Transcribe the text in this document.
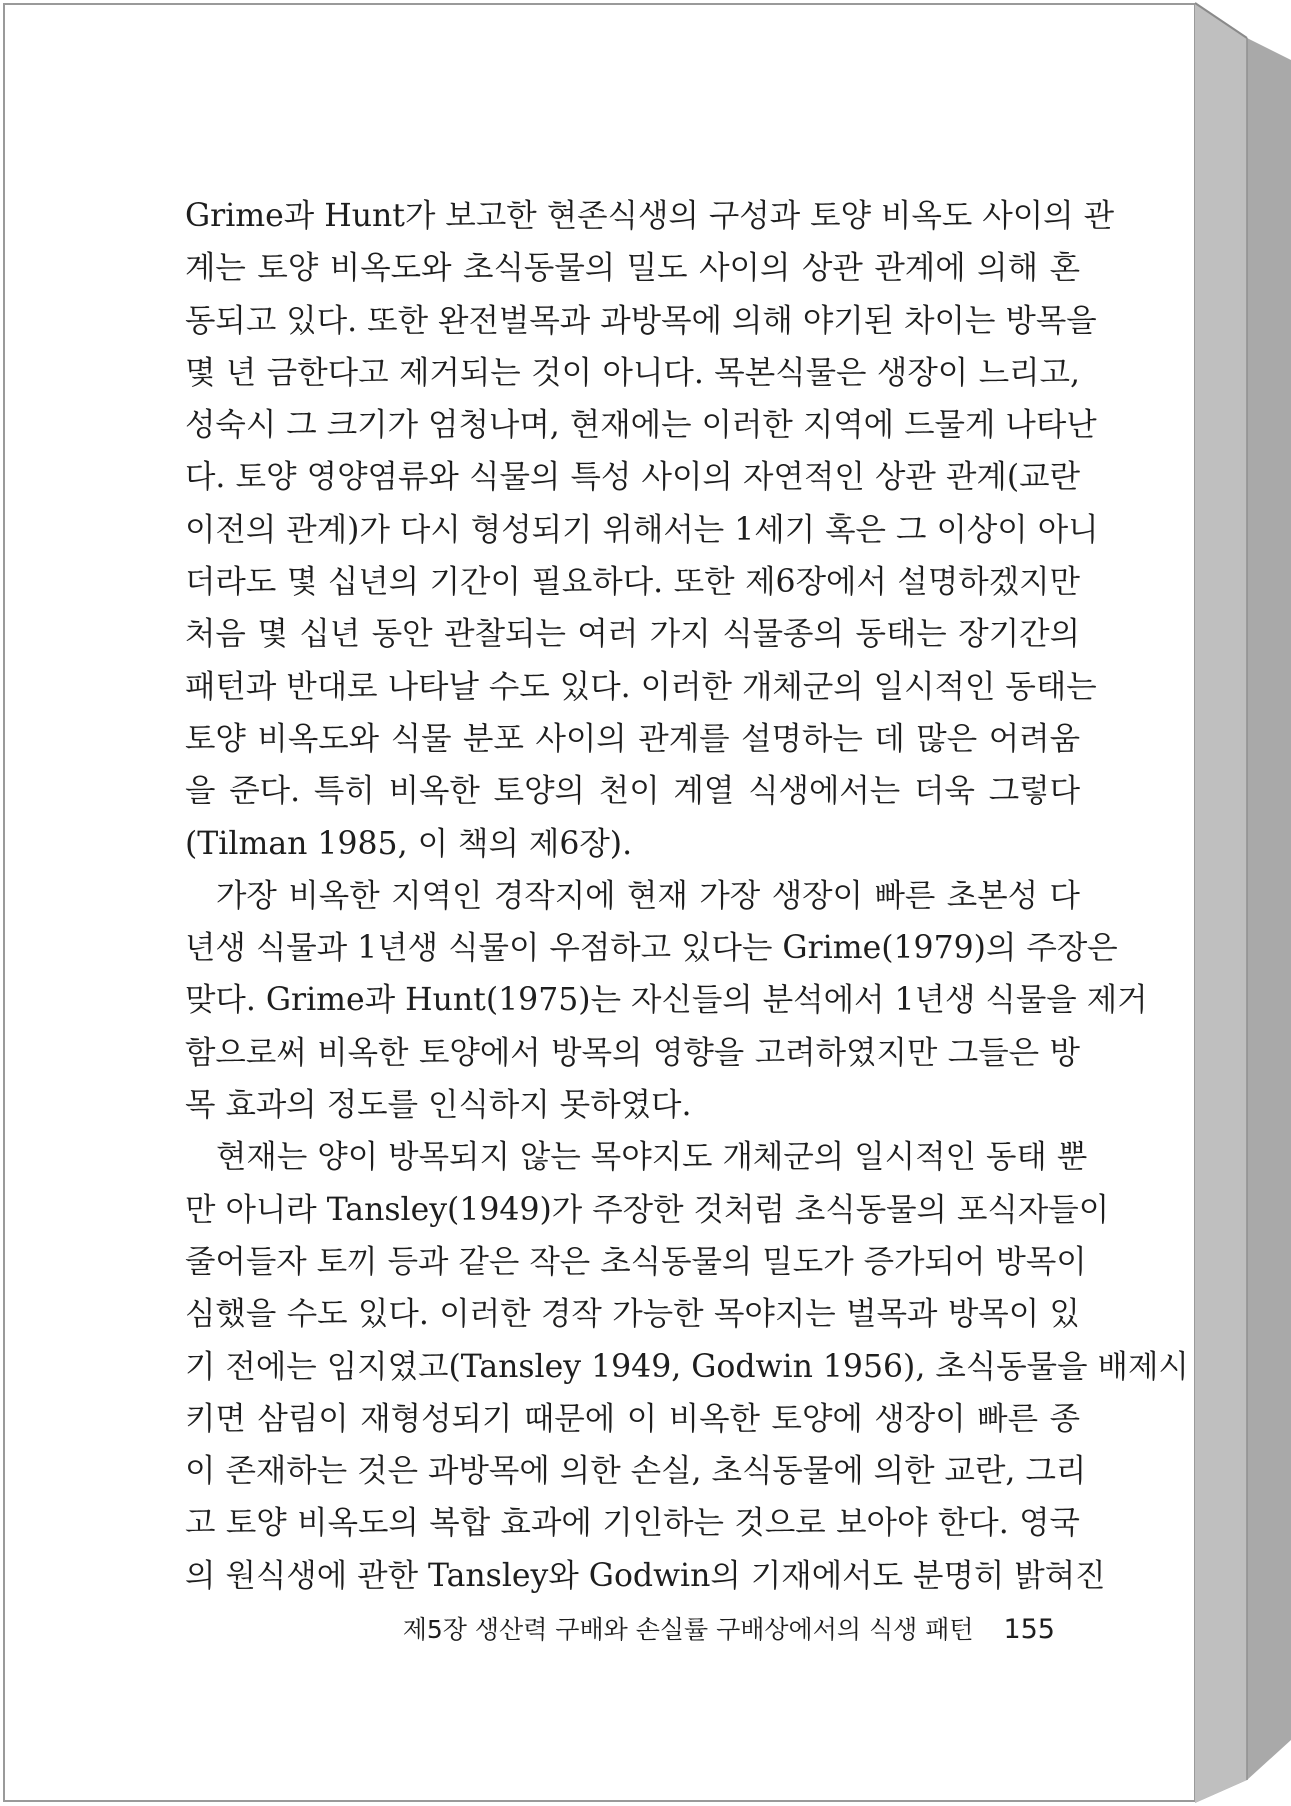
Grime과 Hunt가 보고한 현존식생의 구성과 토양 비옥도 사이의 관
계는 토양 비옥도와 초식동물의 밀도 사이의 상관 관계에 의해 혼
동되고 있다. 또한 완전벌목과 과방목에 의해 야기된 차이는 방목을
몇 년 금한다고 제거되는 것이 아니다. 목본식물은 생장이 느리고,
성숙시 그 크기가 엄청나며, 현재에는 이러한 지역에 드물게 나타난
다. 토양 영양염류와 식물의 특성 사이의 자연적인 상관 관계(교란
이전의 관계)가 다시 형성되기 위해서는 1세기 혹은 그 이상이 아니
더라도 몇 십년의 기간이 필요하다. 또한 제6장에서 설명하겠지만
처음 몇 십년 동안 관찰되는 여러 가지 식물종의 동태는 장기간의
패턴과 반대로 나타날 수도 있다. 이러한 개체군의 일시적인 동태는
토양 비옥도와 식물 분포 사이의 관계를 설명하는 데 많은 어려움
을 준다. 특히 비옥한 토양의 천이 계열 식생에서는 더욱 그렇다
(Tilman 1985, 이 책의 제6장).

가장 비옥한 지역인 경작지에 현재 가장 생장이 빠른 초본성 다
년생 식물과 1년생 식물이 우점하고 있다는 Grime(1979)의 주장은
맞다. Grime과 Hunt(1975)는 자신들의 분석에서 1년생 식물을 제거
함으로써 비옥한 토양에서 방목의 영향을 고려하였지만 그들은 방
목 효과의 정도를 인식하지 못하였다.

현재는 양이 방목되지 않는 목야지도 개체군의 일시적인 동태 뿐
만 아니라 Tansley(1949)가 주장한 것처럼 초식동물의 포식자들이
줄어들자 토끼 등과 같은 작은 초식동물의 밀도가 증가되어 방목이
심했을 수도 있다. 이러한 경작 가능한 목야지는 벌목과 방목이 있
기 전에는 임지였고(Tansley 1949, Godwin 1956), 초식동물을 배제시
키면 삼림이 재형성되기 때문에 이 비옥한 토양에 생장이 빠른 종
이 존재하는 것은 과방목에 의한 손실, 초식동물에 의한 교란, 그리
고 토양 비옥도의 복합 효과에 기인하는 것으로 보아야 한다. 영국
의 원식생에 관한 Tansley와 Godwin의 기재에서도 분명히 밝혀진

제5장 생산력 구배와 손실률 구배상에서의 식생 패턴 155
